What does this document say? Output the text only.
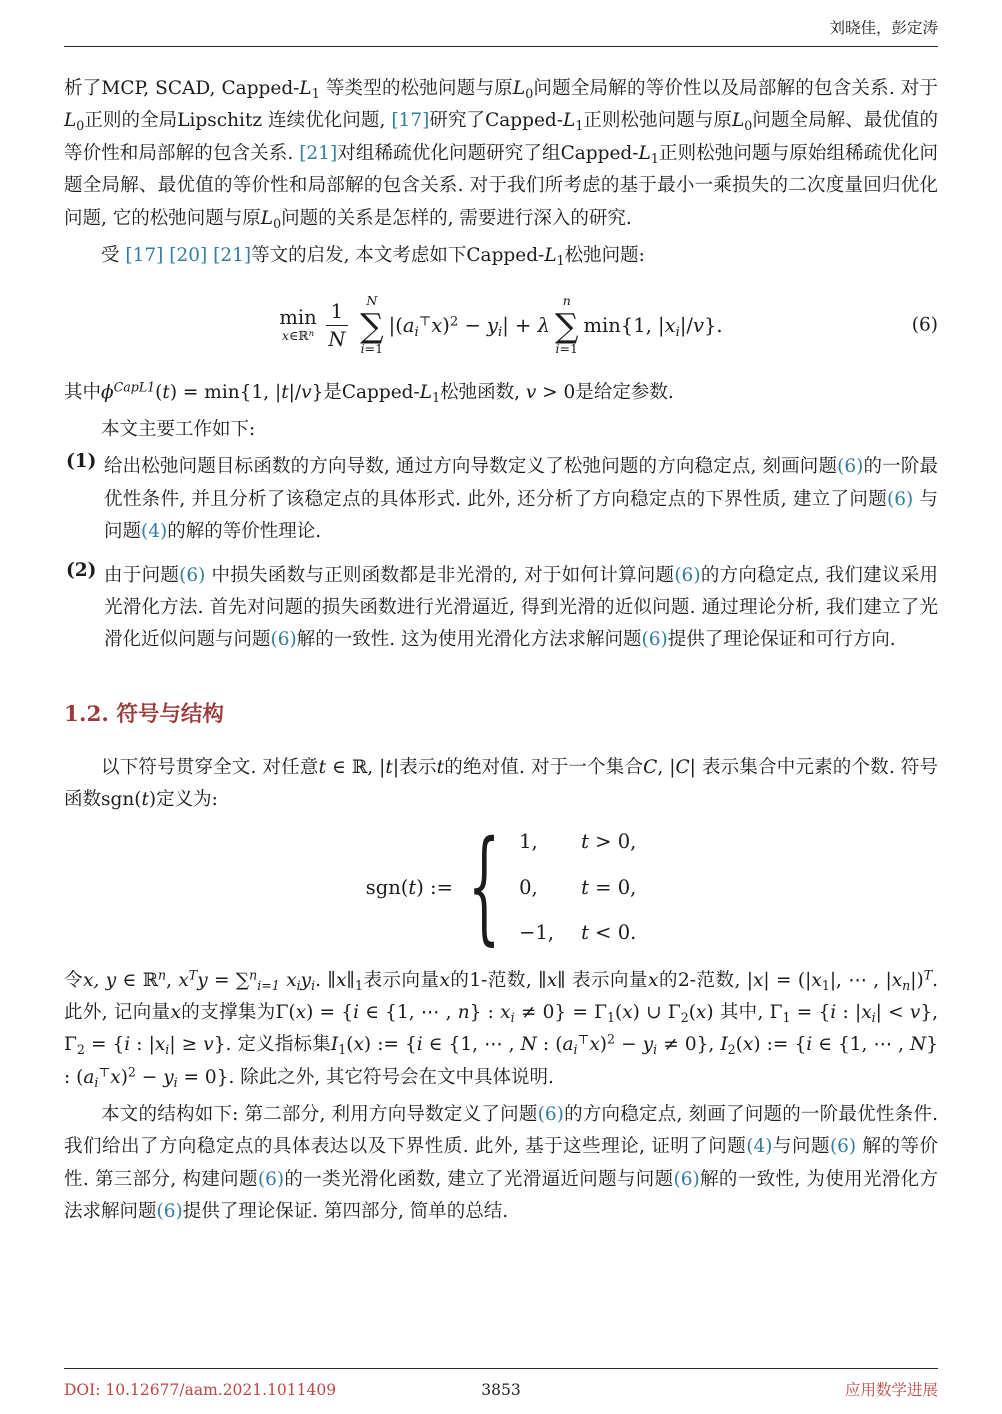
刘晓佳，彭定涛

析了MCP, SCAD, Capped-$L_1$ 等类型的松弛问题与原$L_0$问题全局解的等价性以及局部解的包含关系. 对于$L_0$正则的全局Lipschitz 连续优化问题, [17]研究了Capped-$L_1$正则松弛问题与原$L_0$问题全局解、最优值的等价性和局部解的包含关系. [21]对组稀疏优化问题研究了组Capped-$L_1$正则松弛问题与原始组稀疏优化问题全局解、最优值的等价性和局部解的包含关系. 对于我们所考虑的基于最小一乘损失的二次度量回归优化问题, 它的松弛问题与原$L_0$问题的关系是怎样的, 需要进行深入的研究.

受 [17] [20] [21]等文的启发, 本文考虑如下Capped-$L_1$松弛问题:

min
x∈ℝ$^n$ $\frac{1}{N}$ N
∑
i=1
$|(a_i^⊤x)^2 - y_i| + \lambda$
n
∑
i=1
min{1, $|x_i|/v$}.	(6)

其中$\phi^{CapL1}(t) = \min\{1$, |t|/v}是Capped-$L_1$松弛函数, v > 0是给定参数.

本文主要工作如下:

(1) 给出松弛问题目标函数的方向导数, 通过方向导数定义了松弛问题的方向稳定点, 刻画问题(6)的一阶最优性条件, 并且分析了该稳定点的具体形式. 此外, 还分析了方向稳定点的下界性质, 建立了问题(6) 与问题(4)的解的等价性理论.
(2) 由于问题(6) 中损失函数与正则函数都是非光滑的, 对于如何计算问题(6)的方向稳定点, 我们建议采用光滑化方法. 首先对问题的损失函数进行光滑逼近, 得到光滑的近似问题. 通过理论分析, 我们建立了光滑化近似问题与问题(6)解的一致性. 这为使用光滑化方法求解问题(6)提供了理论保证和可行方向.
1.2. 符号与结构

以下符号贯穿全文. 对任意t ∈ ℝ, |t|表示t的绝对值. 对于一个集合C, |C| 表示集合中元素的个数. 符号函数sgn(t)定义为:

sgn(t) := { 1,	t > 0,
0,	t = 0,
−1,	t < 0.

令x, y ∈ ℝ$^n$, $x^Ty = \sum^n_{i=1}$ $x_iy_i$. $\parallel x\parallel_1$表示向量x的1-范数, ∥x∥ 表示向量x的2-范数, $|x| = (|x_1|$, ⋯ , $|x_n|)^T$. 此外, 记向量x的支撑集为Γ(x) = {i ∈ {1, ⋯ , n} : $x_i \ne 0\} = \Gamma_1(x)$ ∪ $\Gamma_2(x)$ 其中, $\Gamma_1 = \{i$ : $|x_i| < v$}, $\Gamma_2 = \{i$ : $|x_i| \ge v$}. 定义指标集$I_1(x)$ := {i ∈ {1, ⋯ , N : $(a_i^⊤x)^2 - y_i \ne 0$}, $I_2(x)$ := {i ∈ {1, ⋯ , N} : $(a_i^⊤x)^2 - y_i = 0$}. 除此之外, 其它符号会在文中具体说明.

本文的结构如下: 第二部分, 利用方向导数定义了问题(6)的方向稳定点, 刻画了问题的一阶最优性条件. 我们给出了方向稳定点的具体表达以及下界性质. 此外, 基于这些理论, 证明了问题(4)与问题(6) 解的等价性. 第三部分, 构建问题(6)的一类光滑化函数, 建立了光滑逼近问题与问题(6)解的一致性, 为使用光滑化方法求解问题(6)提供了理论保证. 第四部分, 简单的总结.

DOI: 10.12677/aam.2021.1011409	3853	应用数学进展
